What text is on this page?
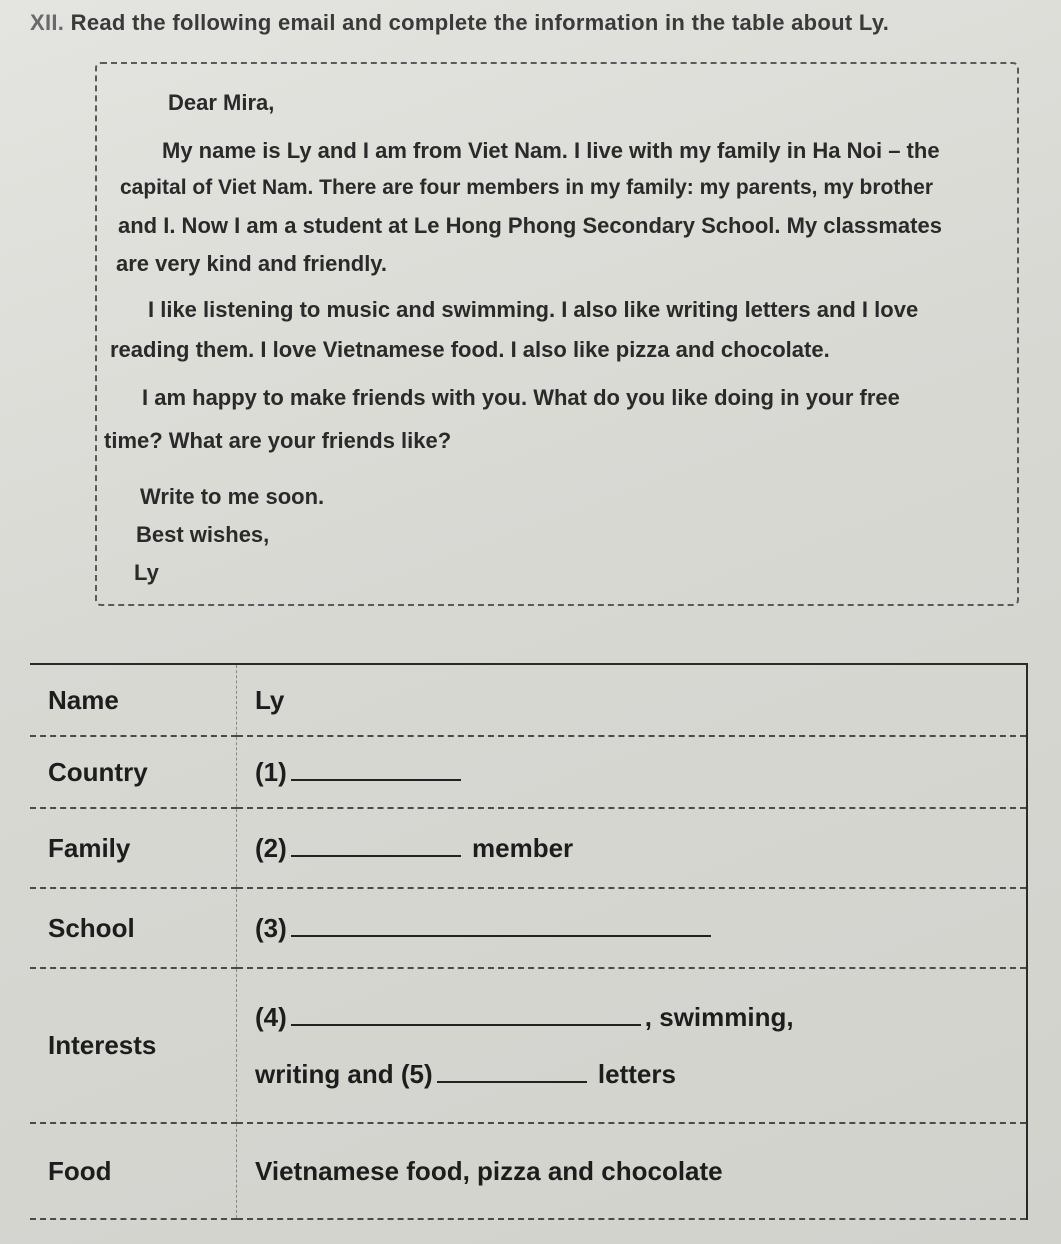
XII. Read the following email and complete the information in the table about Ly.
Dear Mira,
My name is Ly and I am from Viet Nam. I live with my family in Ha Noi – the
capital of Viet Nam. There are four members in my family: my parents, my brother
and I. Now I am a student at Le Hong Phong Secondary School. My classmates
are very kind and friendly.
I like listening to music and swimming. I also like writing letters and I love
reading them. I love Vietnamese food. I also like pizza and chocolate.
I am happy to make friends with you. What do you like doing in your free
time? What are your friends like?
Write to me soon.
Best wishes,
Ly
Name	Ly
Country	(1)
Family	(2) member
School	(3)
Interests	(4) , swimming,
writing and (5) letters

Food	Vietnamese food, pizza and chocolate
